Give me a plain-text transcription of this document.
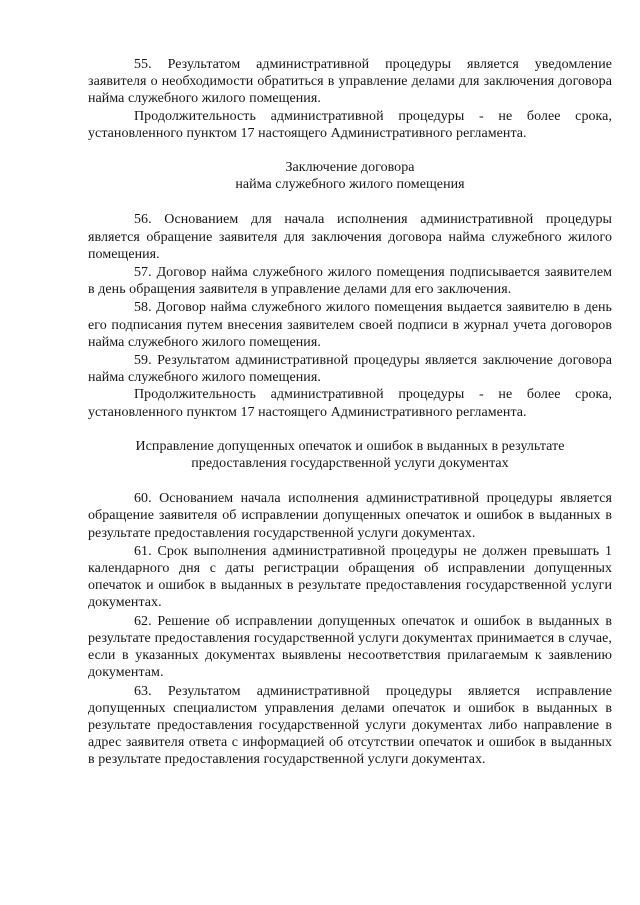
55. Результатом административной процедуры является уведомление заявителя о необходимости обратиться в управление делами для заключения договора найма служебного жилого помещения.

Продолжительность административной процедуры - не более срока, установленного пунктом 17 настоящего Административного регламента.

Заключение договора

найма служебного жилого помещения

56. Основанием для начала исполнения административной процедуры является обращение заявителя для заключения договора найма служебного жилого помещения.

57. Договор найма служебного жилого помещения подписывается заявителем в день обращения заявителя в управление делами для его заключения.

58. Договор найма служебного жилого помещения выдается заявителю в день его подписания путем внесения заявителем своей подписи в журнал учета договоров найма служебного жилого помещения.

59. Результатом административной процедуры является заключение договора найма служебного жилого помещения.

Продолжительность административной процедуры - не более срока, установленного пунктом 17 настоящего Административного регламента.

Исправление допущенных опечаток и ошибок в выданных в результате

предоставления государственной услуги документах

60. Основанием начала исполнения административной процедуры является обращение заявителя об исправлении допущенных опечаток и ошибок в выданных в результате предоставления государственной услуги документах.

61. Срок выполнения административной процедуры не должен превышать 1 календарного дня с даты регистрации обращения об исправлении допущенных опечаток и ошибок в выданных в результате предоставления государственной услуги документах.

62. Решение об исправлении допущенных опечаток и ошибок в выданных в результате предоставления государственной услуги документах принимается в случае, если в указанных документах выявлены несоответствия прилагаемым к заявлению документам.

63. Результатом административной процедуры является исправление допущенных специалистом управления делами опечаток и ошибок в выданных в результате предоставления государственной услуги документах либо направление в адрес заявителя ответа с информацией об отсутствии опечаток и ошибок в выданных в результате предоставления государственной услуги документах.
